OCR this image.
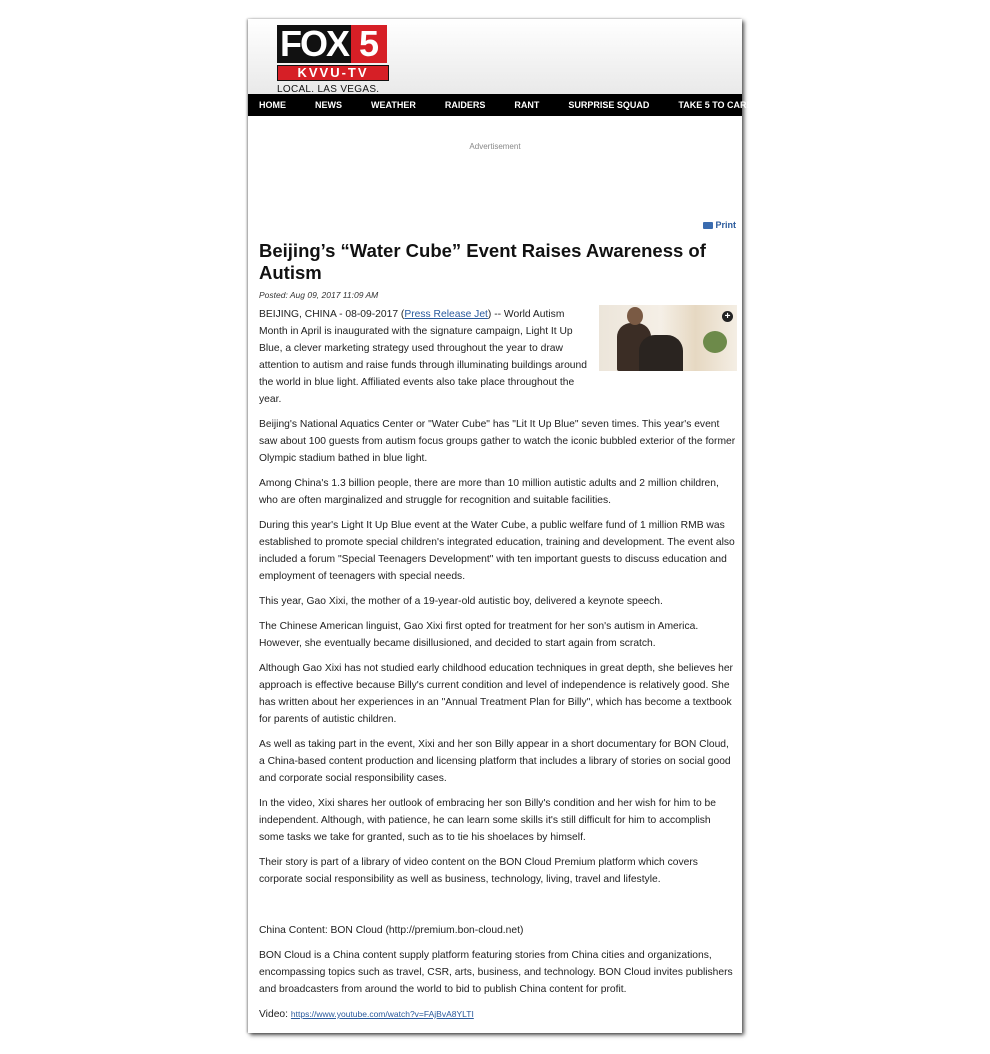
FOX 5
KVVU-TV
LOCAL. LAS VEGAS.
HOME	NEWS	WEATHER	RAIDERS	RANT	SURPRISE SQUAD	TAKE 5 TO CARE
Advertisement
Print
Beijing’s “Water Cube” Event Raises Awareness of Autism
Posted: Aug 09, 2017 11:09 AM
+

BEIJING, CHINA - 08-09-2017 (Press Release Jet) -- World Autism Month in April is inaugurated with the signature campaign, Light It Up Blue, a clever marketing strategy used throughout the year to draw attention to autism and raise funds through illuminating buildings around the world in blue light. Affiliated events also take place throughout the year.

Beijing's National Aquatics Center or "Water Cube" has "Lit It Up Blue" seven times. This year's event saw about 100 guests from autism focus groups gather to watch the iconic bubbled exterior of the former Olympic stadium bathed in blue light.

Among China's 1.3 billion people, there are more than 10 million autistic adults and 2 million children, who are often marginalized and struggle for recognition and suitable facilities.

During this year's Light It Up Blue event at the Water Cube, a public welfare fund of 1 million RMB was established to promote special children's integrated education, training and development. The event also included a forum "Special Teenagers Development" with ten important guests to discuss education and employment of teenagers with special needs.

This year, Gao Xixi, the mother of a 19-year-old autistic boy, delivered a keynote speech.

The Chinese American linguist, Gao Xixi first opted for treatment for her son's autism in America. However, she eventually became disillusioned, and decided to start again from scratch.

Although Gao Xixi has not studied early childhood education techniques in great depth, she believes her approach is effective because Billy's current condition and level of independence is relatively good. She has written about her experiences in an "Annual Treatment Plan for Billy", which has become a textbook for parents of autistic children.

As well as taking part in the event, Xixi and her son Billy appear in a short documentary for BON Cloud, a China-based content production and licensing platform that includes a library of stories on social good and corporate social responsibility cases.

In the video, Xixi shares her outlook of embracing her son Billy's condition and her wish for him to be independent. Although, with patience, he can learn some skills it's still difficult for him to accomplish some tasks we take for granted, such as to tie his shoelaces by himself.

Their story is part of a library of video content on the BON Cloud Premium platform which covers corporate social responsibility as well as business, technology, living, travel and lifestyle.

China Content: BON Cloud (http://premium.bon-cloud.net)

BON Cloud is a China content supply platform featuring stories from China cities and organizations, encompassing topics such as travel, CSR, arts, business, and technology. BON Cloud invites publishers and broadcasters from around the world to bid to publish China content for profit.

Video: https://www.youtube.com/watch?v=FAjBvA8YLTI
